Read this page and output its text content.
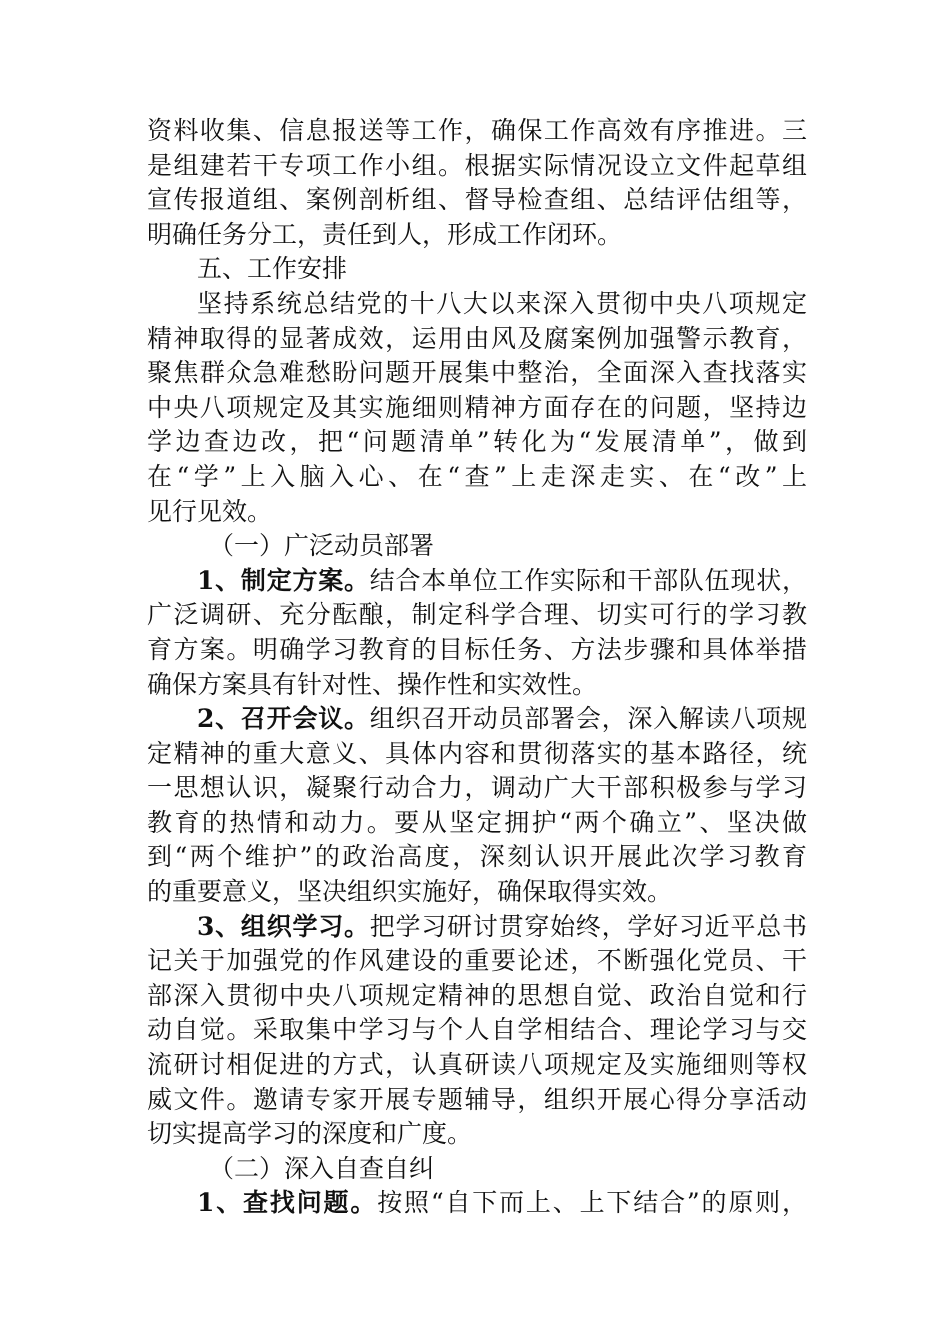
资料收集、信息报送等工作，确保工作高效有序推进。三
是组建若干专项工作小组。根据实际情况设立文件起草组
宣传报道组、案例剖析组、督导检查组、总结评估组等，
明确任务分工，责任到人，形成工作闭环。
五、工作安排
坚持系统总结党的十八大以来深入贯彻中央八项规定
精神取得的显著成效，运用由风及腐案例加强警示教育，
聚焦群众急难愁盼问题开展集中整治，全面深入查找落实
中央八项规定及其实施细则精神方面存在的问题，坚持边
学边查边改，把“问题清单”转化为“发展清单”，做到
在“学”上入脑入心、在“查”上走深走实、在“改”上
见行见效。
（一）广泛动员部署
1、制定方案。结合本单位工作实际和干部队伍现状，
广泛调研、充分酝酿，制定科学合理、切实可行的学习教
育方案。明确学习教育的目标任务、方法步骤和具体举措
确保方案具有针对性、操作性和实效性。
2、召开会议。组织召开动员部署会，深入解读八项规
定精神的重大意义、具体内容和贯彻落实的基本路径，统
一思想认识，凝聚行动合力，调动广大干部积极参与学习
教育的热情和动力。要从坚定拥护“两个确立”、坚决做
到“两个维护”的政治高度，深刻认识开展此次学习教育
的重要意义，坚决组织实施好，确保取得实效。
3、组织学习。把学习研讨贯穿始终，学好习近平总书
记关于加强党的作风建设的重要论述，不断强化党员、干
部深入贯彻中央八项规定精神的思想自觉、政治自觉和行
动自觉。采取集中学习与个人自学相结合、理论学习与交
流研讨相促进的方式，认真研读八项规定及实施细则等权
威文件。邀请专家开展专题辅导，组织开展心得分享活动
切实提高学习的深度和广度。
（二）深入自查自纠
1、查找问题。按照“自下而上、上下结合”的原则，
